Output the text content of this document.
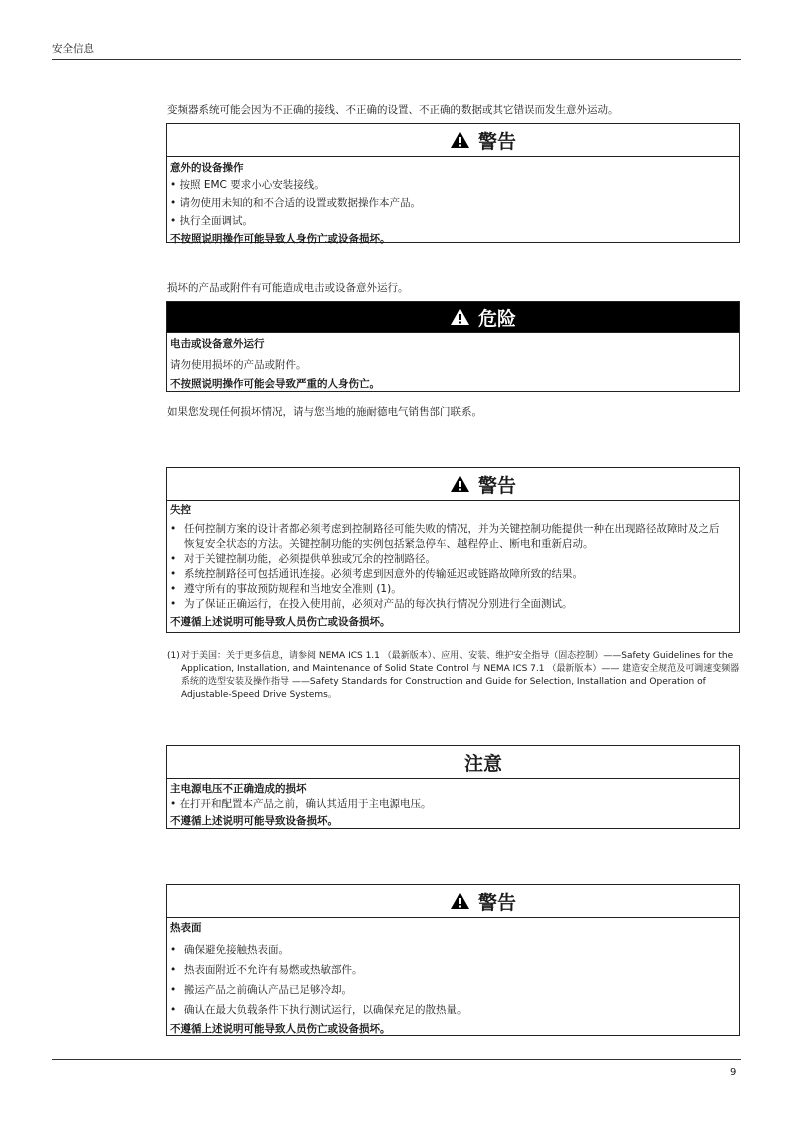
安全信息
变频器系统可能会因为不正确的接线、不正确的设置、不正确的数据或其它错误而发生意外运动。
警告
意外的设备操作
• 按照 EMC 要求小心安装接线。
• 请勿使用未知的和不合适的设置或数据操作本产品。
• 执行全面调试。
不按照说明操作可能导致人身伤亡或设备损坏。
损坏的产品或附件有可能造成电击或设备意外运行。
危险
电击或设备意外运行
请勿使用损坏的产品或附件。
不按照说明操作可能会导致严重的人身伤亡。
如果您发现任何损坏情况，请与您当地的施耐德电气销售部门联系。
警告
失控
• 任何控制方案的设计者都必须考虑到控制路径可能失败的情况，并为关键控制功能提供一种在出现路径故障时及之后恢复安全状态的方法。关键控制功能的实例包括紧急停车、越程停止、断电和重新启动。
• 对于关键控制功能，必须提供单独或冗余的控制路径。
• 系统控制路径可包括通讯连接。必须考虑到因意外的传输延迟或链路故障所致的结果。
• 遵守所有的事故预防规程和当地安全准则 (1)。
• 为了保证正确运行，在投入使用前，必须对产品的每次执行情况分别进行全面测试。
不遵循上述说明可能导致人员伤亡或设备损坏。
(1) 对于美国：关于更多信息，请参阅 NEMA ICS 1.1 （最新版本）、应用、安装、维护安全指导（固态控制）——Safety Guidelines for the Application, Installation, and Maintenance of Solid State Control 与 NEMA ICS 7.1 （最新版本）—— 建造安全规范及可调速变频器系统的选型安装及操作指导 ——Safety Standards for Construction and Guide for Selection, Installation and Operation of Adjustable-Speed Drive Systems。
注意
主电源电压不正确造成的损坏
• 在打开和配置本产品之前，确认其适用于主电源电压。
不遵循上述说明可能导致设备损坏。
警告
热表面
• 确保避免接触热表面。
• 热表面附近不允许有易燃或热敏部件。
• 搬运产品之前确认产品已足够冷却。
• 确认在最大负载条件下执行测试运行，以确保充足的散热量。
不遵循上述说明可能导致人员伤亡或设备损坏。
9
